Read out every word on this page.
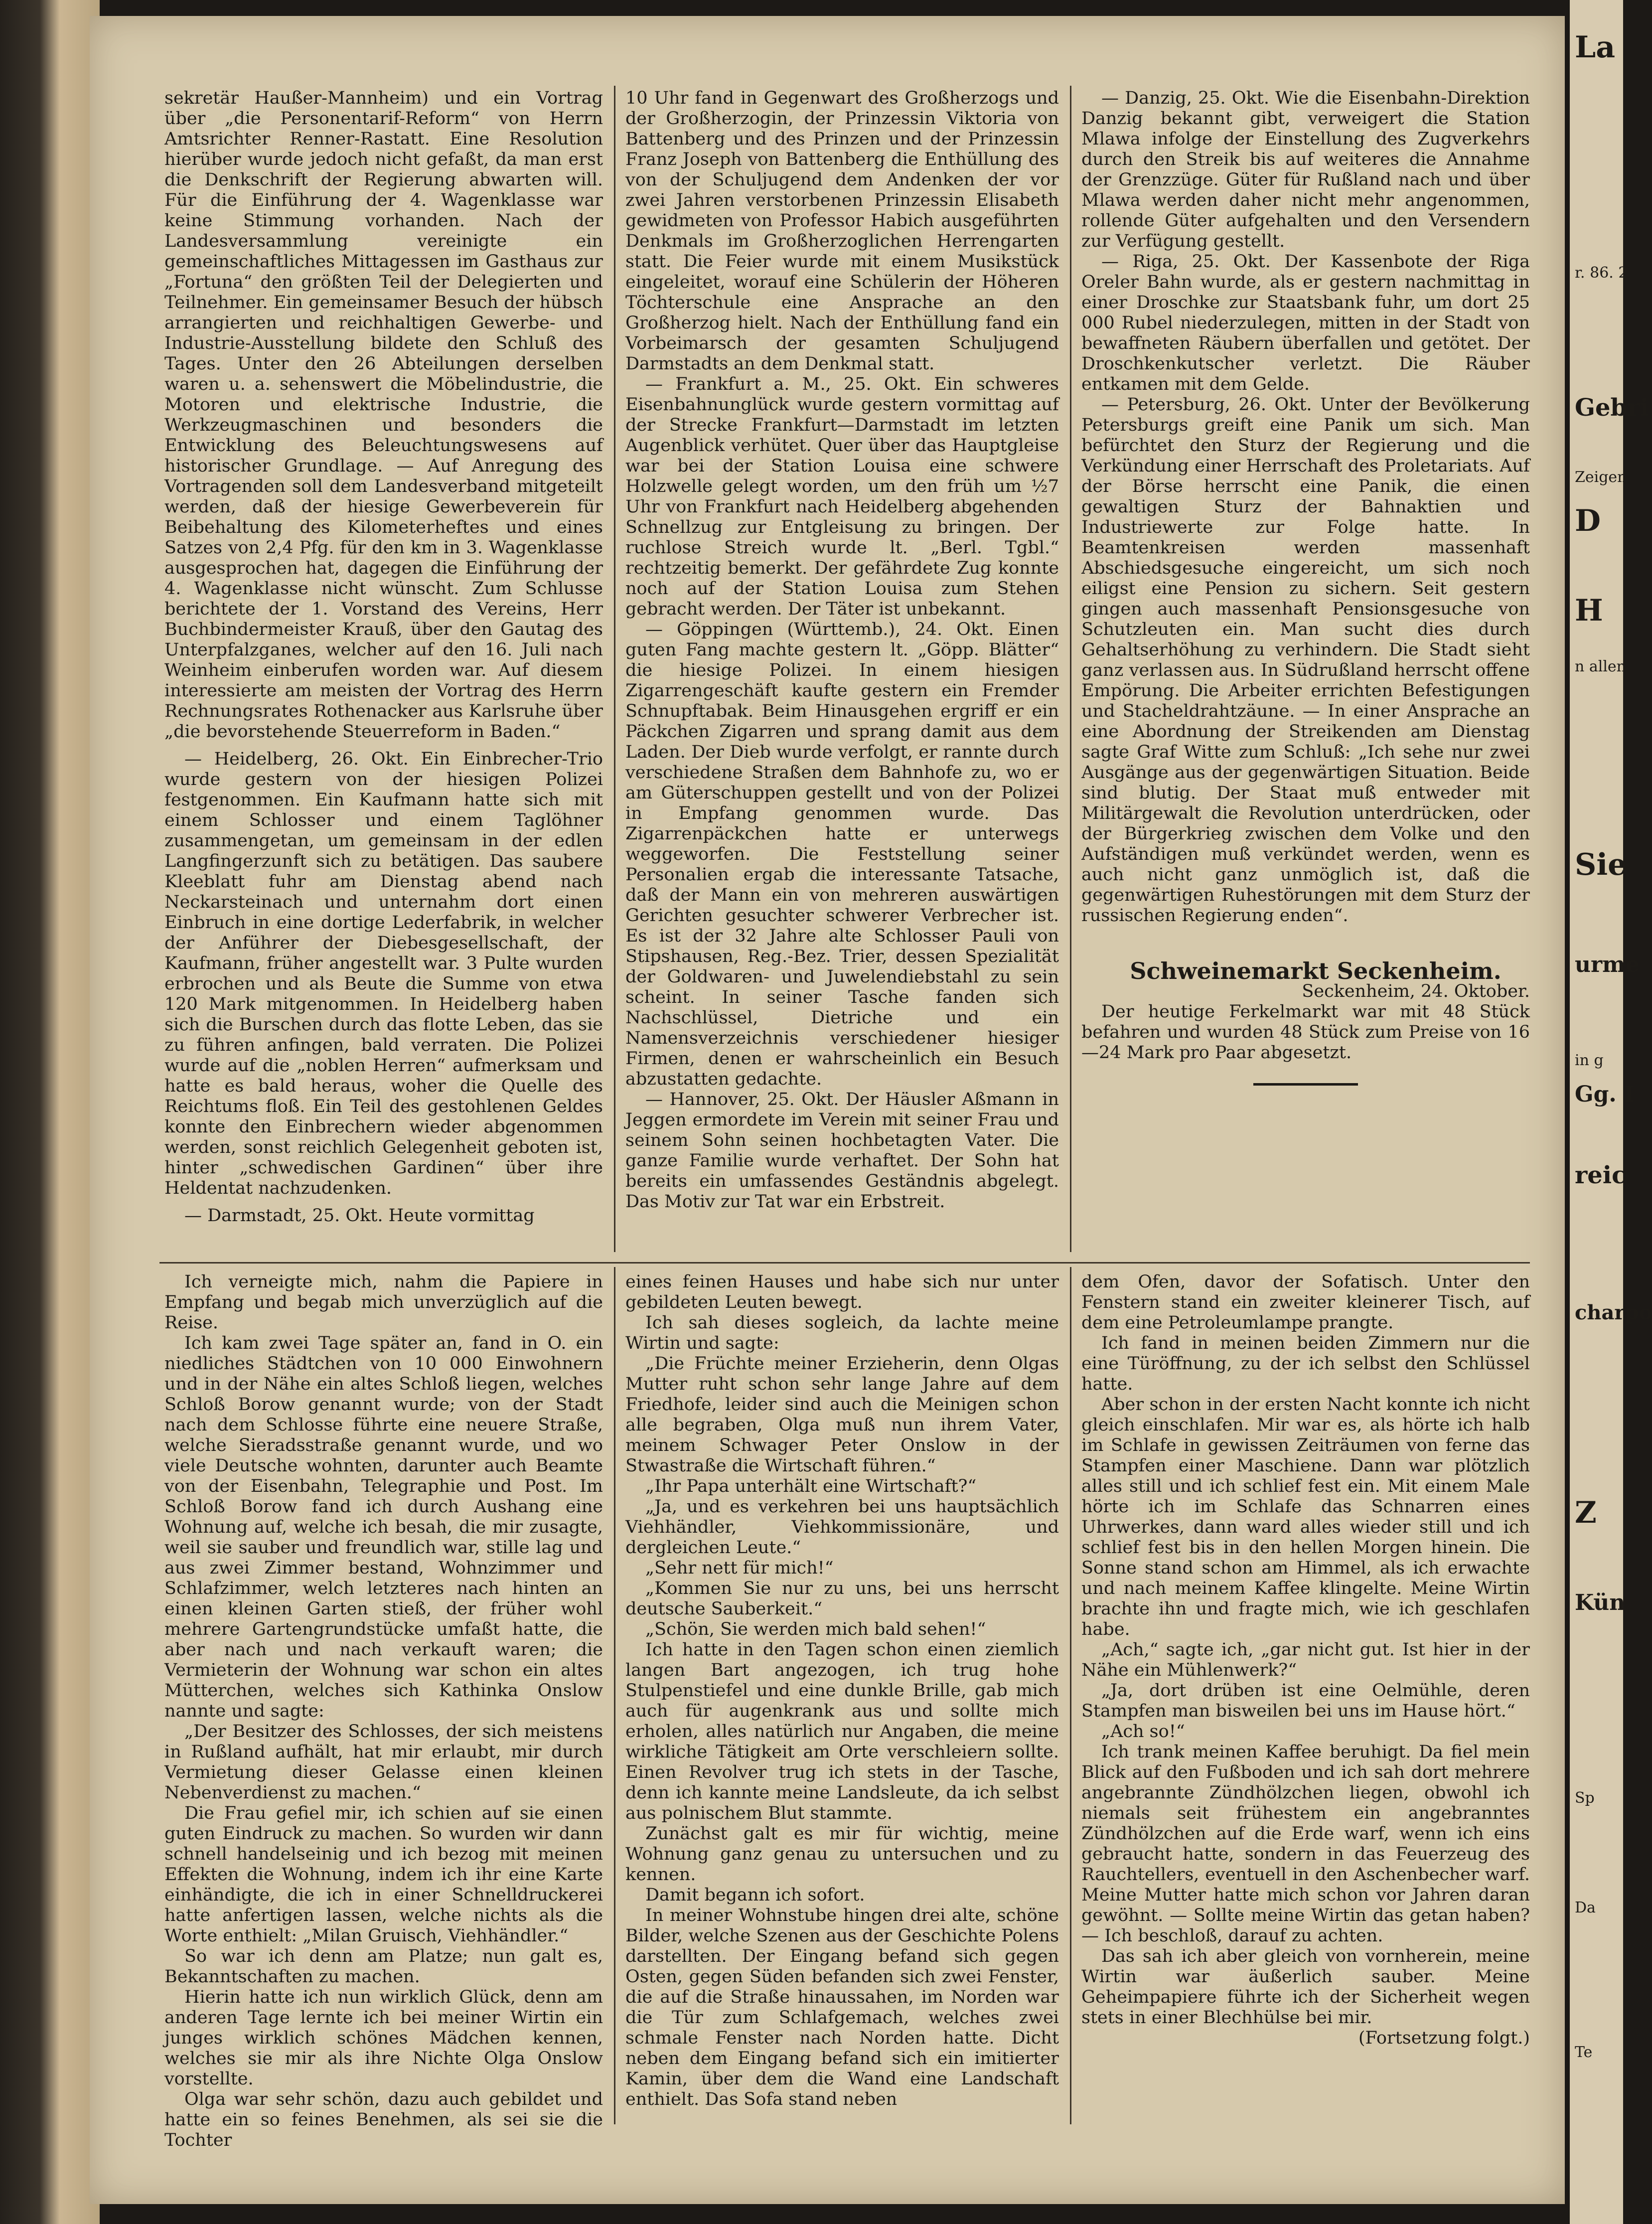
sekretär Haußer-Mannheim) und ein Vortrag über „die Personentarif-Reform“ von Herrn Amtsrichter Renner-Rastatt. Eine Resolution hierüber wurde jedoch nicht gefaßt, da man erst die Denkschrift der Regierung abwarten will. Für die Einführung der 4. Wagenklasse war keine Stimmung vorhanden. Nach der Landesversammlung vereinigte ein gemeinschaftliches Mittagessen im Gasthaus zur „Fortuna“ den größten Teil der Delegierten und Teilnehmer. Ein gemeinsamer Besuch der hübsch arrangierten und reichhaltigen Gewerbe- und Industrie-Ausstellung bildete den Schluß des Tages. Unter den 26 Abteilungen derselben waren u. a. sehenswert die Möbelindustrie, die Motoren und elektrische Industrie, die Werkzeugmaschinen und besonders die Entwicklung des Beleuchtungswesens auf historischer Grundlage. — Auf Anregung des Vortragenden soll dem Landesverband mitgeteilt werden, daß der hiesige Gewerbeverein für Beibehaltung des Kilometerheftes und eines Satzes von 2,4 Pfg. für den km in 3. Wagenklasse ausgesprochen hat, dagegen die Einführung der 4. Wagenklasse nicht wünscht. Zum Schlusse berichtete der 1. Vorstand des Vereins, Herr Buchbindermeister Krauß, über den Gautag des Unterpfalzganes, welcher auf den 16. Juli nach Weinheim einberufen worden war. Auf diesem interessierte am meisten der Vortrag des Herrn Rechnungsrates Rothenacker aus Karlsruhe über „die bevorstehende Steuerreform in Baden.“

— Heidelberg, 26. Okt. Ein Einbrecher-Trio wurde gestern von der hiesigen Polizei festgenommen. Ein Kaufmann hatte sich mit einem Schlosser und einem Taglöhner zusammengetan, um gemeinsam in der edlen Langfingerzunft sich zu betätigen. Das saubere Kleeblatt fuhr am Dienstag abend nach Neckarsteinach und unternahm dort einen Einbruch in eine dortige Lederfabrik, in welcher der Anführer der Diebesgesellschaft, der Kaufmann, früher angestellt war. 3 Pulte wurden erbrochen und als Beute die Summe von etwa 120 Mark mitgenommen. In Heidelberg haben sich die Burschen durch das flotte Leben, das sie zu führen anfingen, bald verraten. Die Polizei wurde auf die „noblen Herren“ aufmerksam und hatte es bald heraus, woher die Quelle des Reichtums floß. Ein Teil des gestohlenen Geldes konnte den Einbrechern wieder abgenommen werden, sonst reichlich Gelegenheit geboten ist, hinter „schwedischen Gardinen“ über ihre Heldentat nachzudenken.

— Darmstadt, 25. Okt. Heute vormittag

10 Uhr fand in Gegenwart des Großherzogs und der Großherzogin, der Prinzessin Viktoria von Battenberg und des Prinzen und der Prinzessin Franz Joseph von Battenberg die Enthüllung des von der Schuljugend dem Andenken der vor zwei Jahren verstorbenen Prinzessin Elisabeth gewidmeten von Professor Habich ausgeführten Denkmals im Großherzoglichen Herrengarten statt. Die Feier wurde mit einem Musikstück eingeleitet, worauf eine Schülerin der Höheren Töchterschule eine Ansprache an den Großherzog hielt. Nach der Enthüllung fand ein Vorbeimarsch der gesamten Schuljugend Darmstadts an dem Denkmal statt.

— Frankfurt a. M., 25. Okt. Ein schweres Eisenbahnunglück wurde gestern vormittag auf der Strecke Frankfurt—Darmstadt im letzten Augenblick verhütet. Quer über das Hauptgleise war bei der Station Louisa eine schwere Holzwelle gelegt worden, um den früh um ½7 Uhr von Frankfurt nach Heidelberg abgehenden Schnellzug zur Entgleisung zu bringen. Der ruchlose Streich wurde lt. „Berl. Tgbl.“ rechtzeitig bemerkt. Der gefährdete Zug konnte noch auf der Station Louisa zum Stehen gebracht werden. Der Täter ist unbekannt.

— Göppingen (Württemb.), 24. Okt. Einen guten Fang machte gestern lt. „Göpp. Blätter“ die hiesige Polizei. In einem hiesigen Zigarrengeschäft kaufte gestern ein Fremder Schnupftabak. Beim Hinausgehen ergriff er ein Päckchen Zigarren und sprang damit aus dem Laden. Der Dieb wurde verfolgt, er rannte durch verschiedene Straßen dem Bahnhofe zu, wo er am Güterschuppen gestellt und von der Polizei in Empfang genommen wurde. Das Zigarrenpäckchen hatte er unterwegs weggeworfen. Die Feststellung seiner Personalien ergab die interessante Tatsache, daß der Mann ein von mehreren auswärtigen Gerichten gesuchter schwerer Verbrecher ist. Es ist der 32 Jahre alte Schlosser Pauli von Stipshausen, Reg.-Bez. Trier, dessen Spezialität der Goldwaren- und Juwelendiebstahl zu sein scheint. In seiner Tasche fanden sich Nachschlüssel, Dietriche und ein Namensverzeichnis verschiedener hiesiger Firmen, denen er wahrscheinlich ein Besuch abzustatten gedachte.

— Hannover, 25. Okt. Der Häusler Aßmann in Jeggen ermordete im Verein mit seiner Frau und seinem Sohn seinen hochbetagten Vater. Die ganze Familie wurde verhaftet. Der Sohn hat bereits ein umfassendes Geständnis abgelegt. Das Motiv zur Tat war ein Erbstreit.

— Danzig, 25. Okt. Wie die Eisenbahn-Direktion Danzig bekannt gibt, verweigert die Station Mlawa infolge der Einstellung des Zugverkehrs durch den Streik bis auf weiteres die Annahme der Grenzzüge. Güter für Rußland nach und über Mlawa werden daher nicht mehr angenommen, rollende Güter aufgehalten und den Versendern zur Verfügung gestellt.

— Riga, 25. Okt. Der Kassenbote der Riga Oreler Bahn wurde, als er gestern nachmittag in einer Droschke zur Staatsbank fuhr, um dort 25 000 Rubel niederzulegen, mitten in der Stadt von bewaffneten Räubern überfallen und getötet. Der Droschkenkutscher verletzt. Die Räuber entkamen mit dem Gelde.

— Petersburg, 26. Okt. Unter der Bevölkerung Petersburgs greift eine Panik um sich. Man befürchtet den Sturz der Regierung und die Verkündung einer Herrschaft des Proletariats. Auf der Börse herrscht eine Panik, die einen gewaltigen Sturz der Bahnaktien und Industriewerte zur Folge hatte. In Beamtenkreisen werden massenhaft Abschiedsgesuche eingereicht, um sich noch eiligst eine Pension zu sichern. Seit gestern gingen auch massenhaft Pensionsgesuche von Schutzleuten ein. Man sucht dies durch Gehaltserhöhung zu verhindern. Die Stadt sieht ganz verlassen aus. In Südrußland herrscht offene Empörung. Die Arbeiter errichten Befestigungen und Stacheldrahtzäune. — In einer Ansprache an eine Abordnung der Streikenden am Dienstag sagte Graf Witte zum Schluß: „Ich sehe nur zwei Ausgänge aus der gegenwärtigen Situation. Beide sind blutig. Der Staat muß entweder mit Militärgewalt die Revolution unterdrücken, oder der Bürgerkrieg zwischen dem Volke und den Aufständigen muß verkündet werden, wenn es auch nicht ganz unmöglich ist, daß die gegenwärtigen Ruhestörungen mit dem Sturz der russischen Regierung enden“.

Schweinemarkt Seckenheim.

Seckenheim, 24. Oktober.

Der heutige Ferkelmarkt war mit 48 Stück befahren und wurden 48 Stück zum Preise von 16—24 Mark pro Paar abgesetzt.

Ich verneigte mich, nahm die Papiere in Empfang und begab mich unverzüglich auf die Reise.

Ich kam zwei Tage später an, fand in O. ein niedliches Städtchen von 10 000 Einwohnern und in der Nähe ein altes Schloß liegen, welches Schloß Borow genannt wurde; von der Stadt nach dem Schlosse führte eine neuere Straße, welche Sieradsstraße genannt wurde, und wo viele Deutsche wohnten, darunter auch Beamte von der Eisenbahn, Telegraphie und Post. Im Schloß Borow fand ich durch Aushang eine Wohnung auf, welche ich besah, die mir zusagte, weil sie sauber und freundlich war, stille lag und aus zwei Zimmer bestand, Wohnzimmer und Schlafzimmer, welch letzteres nach hinten an einen kleinen Garten stieß, der früher wohl mehrere Gartengrundstücke umfaßt hatte, die aber nach und nach verkauft waren; die Vermieterin der Wohnung war schon ein altes Mütterchen, welches sich Kathinka Onslow nannte und sagte:

„Der Besitzer des Schlosses, der sich meistens in Rußland aufhält, hat mir erlaubt, mir durch Vermietung dieser Gelasse einen kleinen Nebenverdienst zu machen.“

Die Frau gefiel mir, ich schien auf sie einen guten Eindruck zu machen. So wurden wir dann schnell handelseinig und ich bezog mit meinen Effekten die Wohnung, indem ich ihr eine Karte einhändigte, die ich in einer Schnelldruckerei hatte anfertigen lassen, welche nichts als die Worte enthielt: „Milan Gruisch, Viehhändler.“

So war ich denn am Platze; nun galt es, Bekanntschaften zu machen.

Hierin hatte ich nun wirklich Glück, denn am anderen Tage lernte ich bei meiner Wirtin ein junges wirklich schönes Mädchen kennen, welches sie mir als ihre Nichte Olga Onslow vorstellte.

Olga war sehr schön, dazu auch gebildet und hatte ein so feines Benehmen, als sei sie die Tochter

eines feinen Hauses und habe sich nur unter gebildeten Leuten bewegt.

Ich sah dieses sogleich, da lachte meine Wirtin und sagte:

„Die Früchte meiner Erzieherin, denn Olgas Mutter ruht schon sehr lange Jahre auf dem Friedhofe, leider sind auch die Meinigen schon alle begraben, Olga muß nun ihrem Vater, meinem Schwager Peter Onslow in der Stwastraße die Wirtschaft führen.“

„Ihr Papa unterhält eine Wirtschaft?“

„Ja, und es verkehren bei uns hauptsächlich Viehhändler, Viehkommissionäre, und dergleichen Leute.“

„Sehr nett für mich!“

„Kommen Sie nur zu uns, bei uns herrscht deutsche Sauberkeit.“

„Schön, Sie werden mich bald sehen!“

Ich hatte in den Tagen schon einen ziemlich langen Bart angezogen, ich trug hohe Stulpenstiefel und eine dunkle Brille, gab mich auch für augenkrank aus und sollte mich erholen, alles natürlich nur Angaben, die meine wirkliche Tätigkeit am Orte verschleiern sollte. Einen Revolver trug ich stets in der Tasche, denn ich kannte meine Landsleute, da ich selbst aus polnischem Blut stammte.

Zunächst galt es mir für wichtig, meine Wohnung ganz genau zu untersuchen und zu kennen.

Damit begann ich sofort.

In meiner Wohnstube hingen drei alte, schöne Bilder, welche Szenen aus der Geschichte Polens darstellten. Der Eingang befand sich gegen Osten, gegen Süden befanden sich zwei Fenster, die auf die Straße hinaussahen, im Norden war die Tür zum Schlafgemach, welches zwei schmale Fenster nach Norden hatte. Dicht neben dem Eingang befand sich ein imitierter Kamin, über dem die Wand eine Landschaft enthielt. Das Sofa stand neben

dem Ofen, davor der Sofatisch. Unter den Fenstern stand ein zweiter kleinerer Tisch, auf dem eine Petroleumlampe prangte.

Ich fand in meinen beiden Zimmern nur die eine Türöffnung, zu der ich selbst den Schlüssel hatte.

Aber schon in der ersten Nacht konnte ich nicht gleich einschlafen. Mir war es, als hörte ich halb im Schlafe in gewissen Zeiträumen von ferne das Stampfen einer Maschiene. Dann war plötzlich alles still und ich schlief fest ein. Mit einem Male hörte ich im Schlafe das Schnarren eines Uhrwerkes, dann ward alles wieder still und ich schlief fest bis in den hellen Morgen hinein. Die Sonne stand schon am Himmel, als ich erwachte und nach meinem Kaffee klingelte. Meine Wirtin brachte ihn und fragte mich, wie ich geschlafen habe.

„Ach,“ sagte ich, „gar nicht gut. Ist hier in der Nähe ein Mühlenwerk?“

„Ja, dort drüben ist eine Oelmühle, deren Stampfen man bisweilen bei uns im Hause hört.“

„Ach so!“

Ich trank meinen Kaffee beruhigt. Da fiel mein Blick auf den Fußboden und ich sah dort mehrere angebrannte Zündhölzchen liegen, obwohl ich niemals seit frühestem ein angebranntes Zündhölzchen auf die Erde warf, wenn ich eins gebraucht hatte, sondern in das Feuerzeug des Rauchtellers, eventuell in den Aschenbecher warf. Meine Mutter hatte mich schon vor Jahren daran gewöhnt. — Sollte meine Wirtin das getan haben? — Ich beschloß, darauf zu achten.

Das sah ich aber gleich von vornherein, meine Wirtin war äußerlich sauber. Meine Geheimpapiere führte ich der Sicherheit wegen stets in einer Blechhülse bei mir.

(Fortsetzung folgt.)

La
r. 86. 2
Gebri
Zeigen
D
H
n allen
Sie
urme
in g
Gg. I
reic
charpo
Z
Kün
Sp
Da
Te
